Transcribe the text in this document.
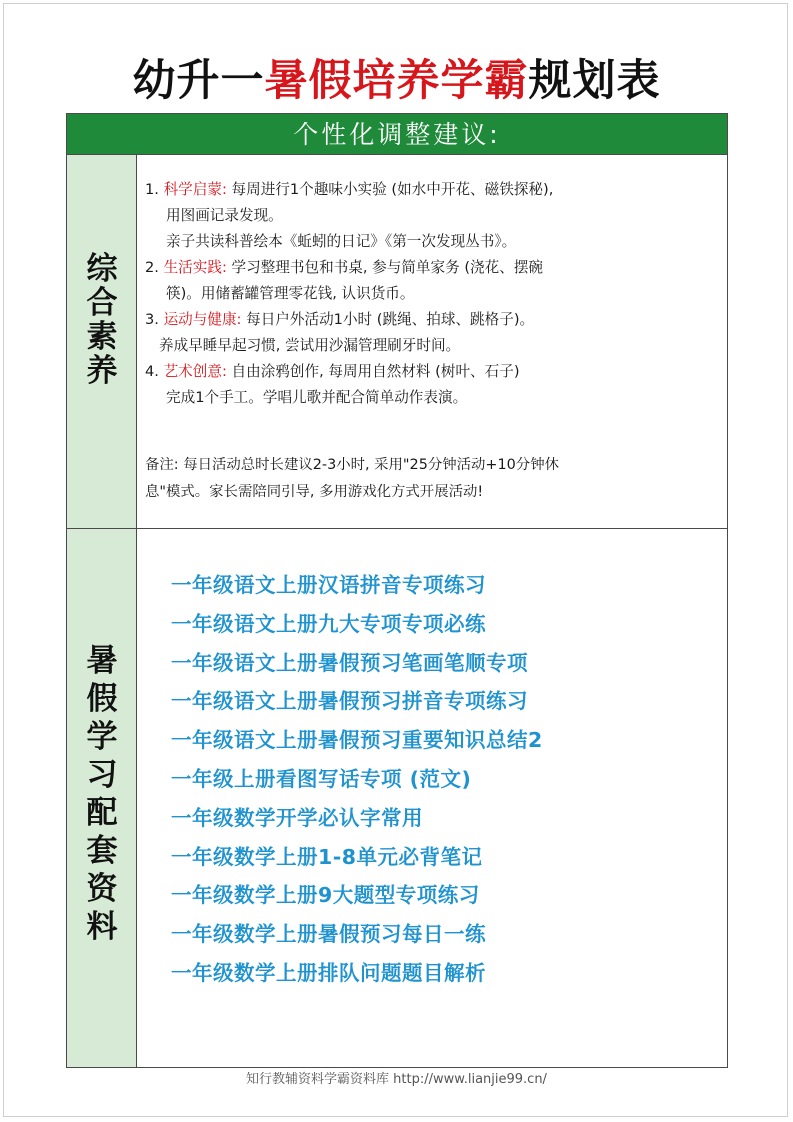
幼升一暑假培养学霸规划表
个性化调整建议:
综
合
素
养
1. 科学启蒙: 每周进行1个趣味小实验 (如水中开花、磁铁探秘),
用图画记录发现。
亲子共读科普绘本《蚯蚓的日记》《第一次发现丛书》。
2. 生活实践: 学习整理书包和书桌, 参与简单家务 (浇花、摆碗
筷)。用储蓄罐管理零花钱, 认识货币。
3. 运动与健康: 每日户外活动1小时 (跳绳、拍球、跳格子)。
养成早睡早起习惯, 尝试用沙漏管理刷牙时间。
4. 艺术创意: 自由涂鸦创作, 每周用自然材料 (树叶、石子)
完成1个手工。学唱儿歌并配合简单动作表演。
备注: 每日活动总时长建议2-3小时, 采用"25分钟活动+10分钟休
息"模式。家长需陪同引导, 多用游戏化方式开展活动!
暑
假
学
习
配
套
资
料
一年级语文上册汉语拼音专项练习
一年级语文上册九大专项专项必练
一年级语文上册暑假预习笔画笔顺专项
一年级语文上册暑假预习拼音专项练习
一年级语文上册暑假预习重要知识总结2
一年级上册看图写话专项 (范文)
一年级数学开学必认字常用
一年级数学上册1-8单元必背笔记
一年级数学上册9大题型专项练习
一年级数学上册暑假预习每日一练
一年级数学上册排队问题题目解析
知行教辅资料学霸资料库 http://www.lianjie99.cn/
